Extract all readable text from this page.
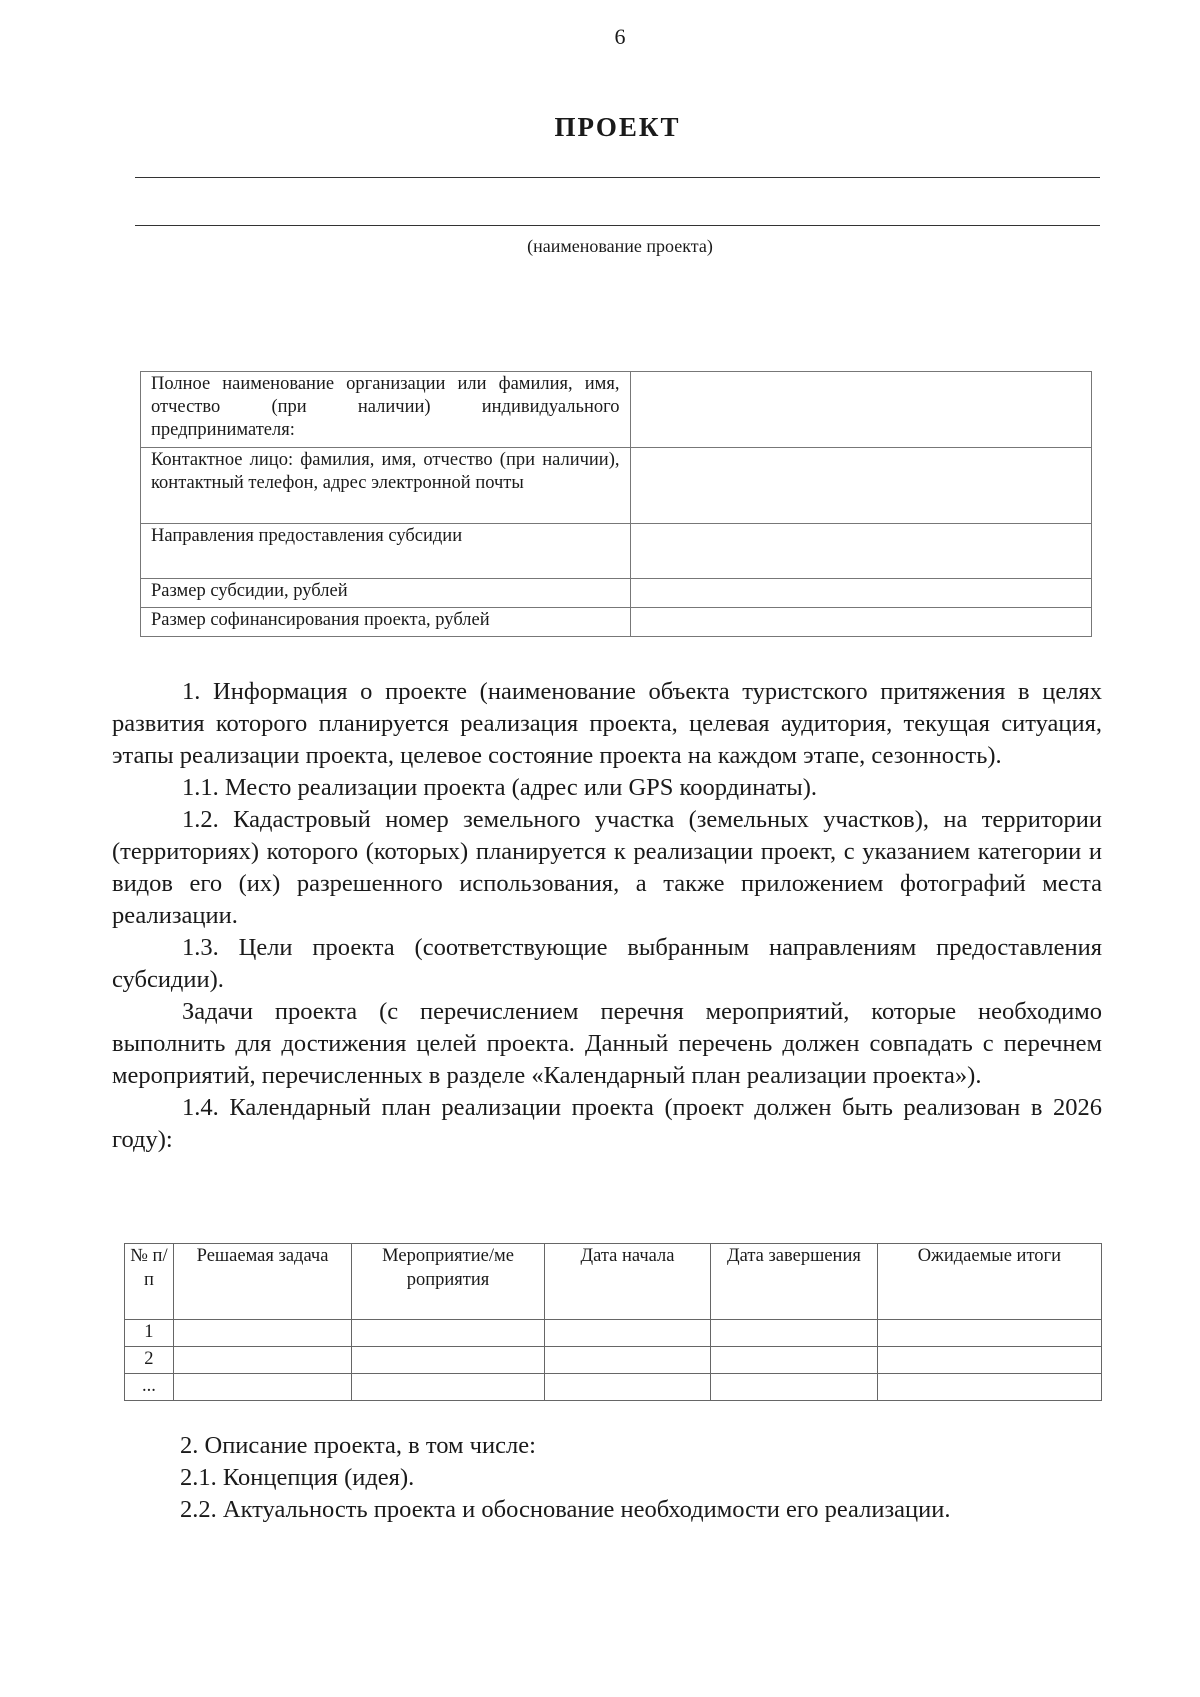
6
ПРОЕКТ
(наименование проекта)
Полное наименование организации или фамилия, имя, отчество (при наличии) индивидуального предпринимателя:	
Контактное лицо: фамилия, имя, отчество (при наличии), контактный телефон, адрес электронной почты	
Направления предоставления субсидии	
Размер субсидии, рублей	
Размер софинансирования проекта, рублей	

1. Информация о проекте (наименование объекта туристского притяжения в целях развития которого планируется реализация проекта, целевая аудитория, текущая ситуация, этапы реализации проекта, целевое состояние проекта на каждом этапе, сезонность).

1.1. Место реализации проекта (адрес или GPS координаты).

1.2. Кадастровый номер земельного участка (земельных участков), на территории (территориях) которого (которых) планируется к реализации проект, с указанием категории и видов его (их) разрешенного использования, а также приложением фотографий места реализации.

1.3. Цели проекта (соответствующие выбранным направлениям предоставления субсидии).

Задачи проекта (с перечислением перечня мероприятий, которые необходимо выполнить для достижения целей проекта. Данный перечень должен совпадать с перечнем мероприятий, перечисленных в разделе «Календарный план реализации проекта»).

1.4. Календарный план реализации проекта (проект должен быть реализован в 2026 году):

№ п/ п	Решаемая задача	Мероприятие/ме роприятия	Дата начала	Дата завершения	Ожидаемые итоги
1					
2					
...					

2. Описание проекта, в том числе:

2.1. Концепция (идея).

2.2. Актуальность проекта и обоснование необходимости его реализации.
